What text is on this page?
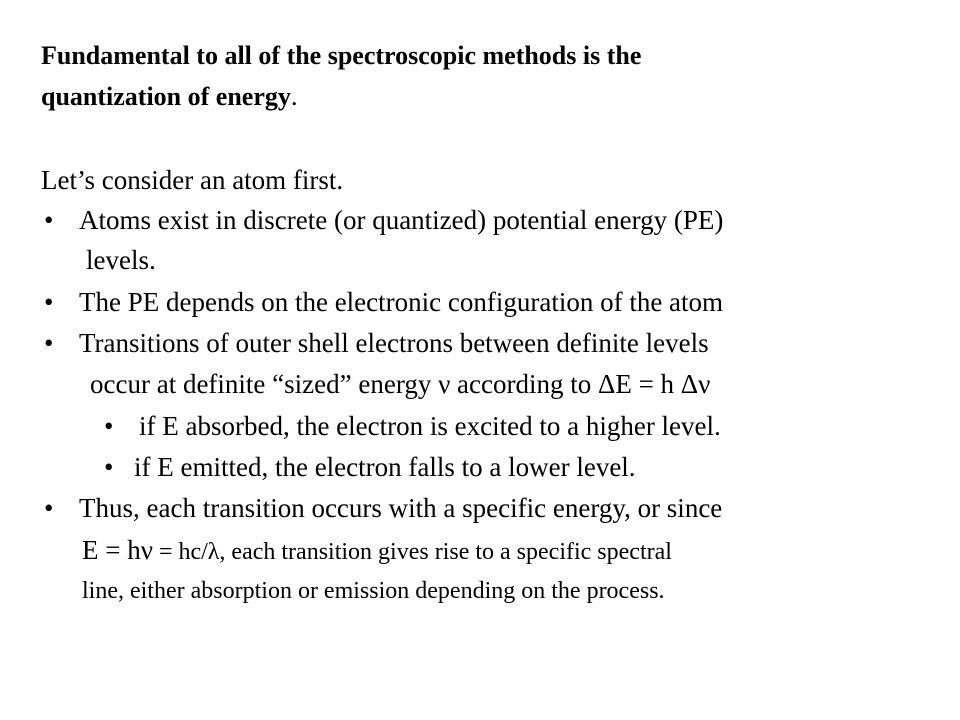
Fundamental to all of the spectroscopic methods is the
quantization of energy.
Let’s consider an atom first.
• Atoms exist in discrete (or quantized) potential energy (PE)
levels.
• The PE depends on the electronic configuration of the atom
• Transitions of outer shell electrons between definite levels
occur at definite “sized” energy ν according to ΔE = h Δν
• if E absorbed, the electron is excited to a higher level.
• if E emitted, the electron falls to a lower level.
• Thus, each transition occurs with a specific energy, or since
E = hν = hc/λ, each transition gives rise to a specific spectral
line, either absorption or emission depending on the process.
